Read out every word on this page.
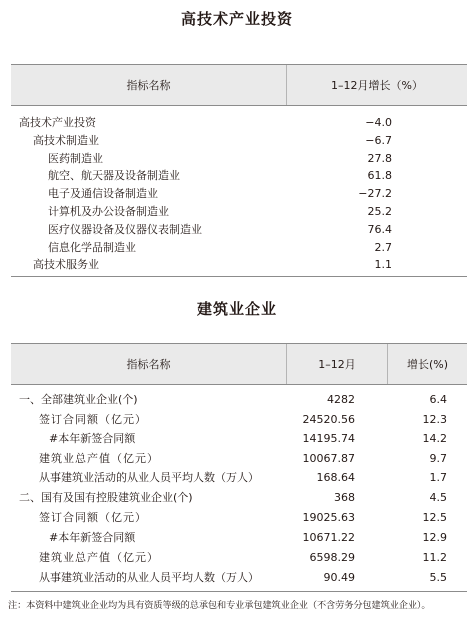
高技术产业投资
指标名称	1–12月增长（%）
高技术产业投资	−4.0
高技术制造业	−6.7
医药制造业	27.8
航空、航天器及设备制造业	61.8
电子及通信设备制造业	−27.2
计算机及办公设备制造业	25.2
医疗仪器设备及仪器仪表制造业	76.4
信息化学品制造业	2.7
高技术服务业	1.1
建筑业企业
指标名称	1–12月	增长(%)
一、全部建筑业企业(个)	4282	6.4
签订合同额（亿元）	24520.56	12.3
#本年新签合同额	14195.74	14.2
建筑业总产值（亿元）	10067.87	9.7
从事建筑业活动的从业人员平均人数（万人）	168.64	1.7
二、国有及国有控股建筑业企业(个)	368	4.5
签订合同额（亿元）	19025.63	12.5
#本年新签合同额	10671.22	12.9
建筑业总产值（亿元）	6598.29	11.2
从事建筑业活动的从业人员平均人数（万人）	90.49	5.5
注：本资料中建筑业企业均为具有资质等级的总承包和专业承包建筑业企业（不含劳务分包建筑业企业）。
